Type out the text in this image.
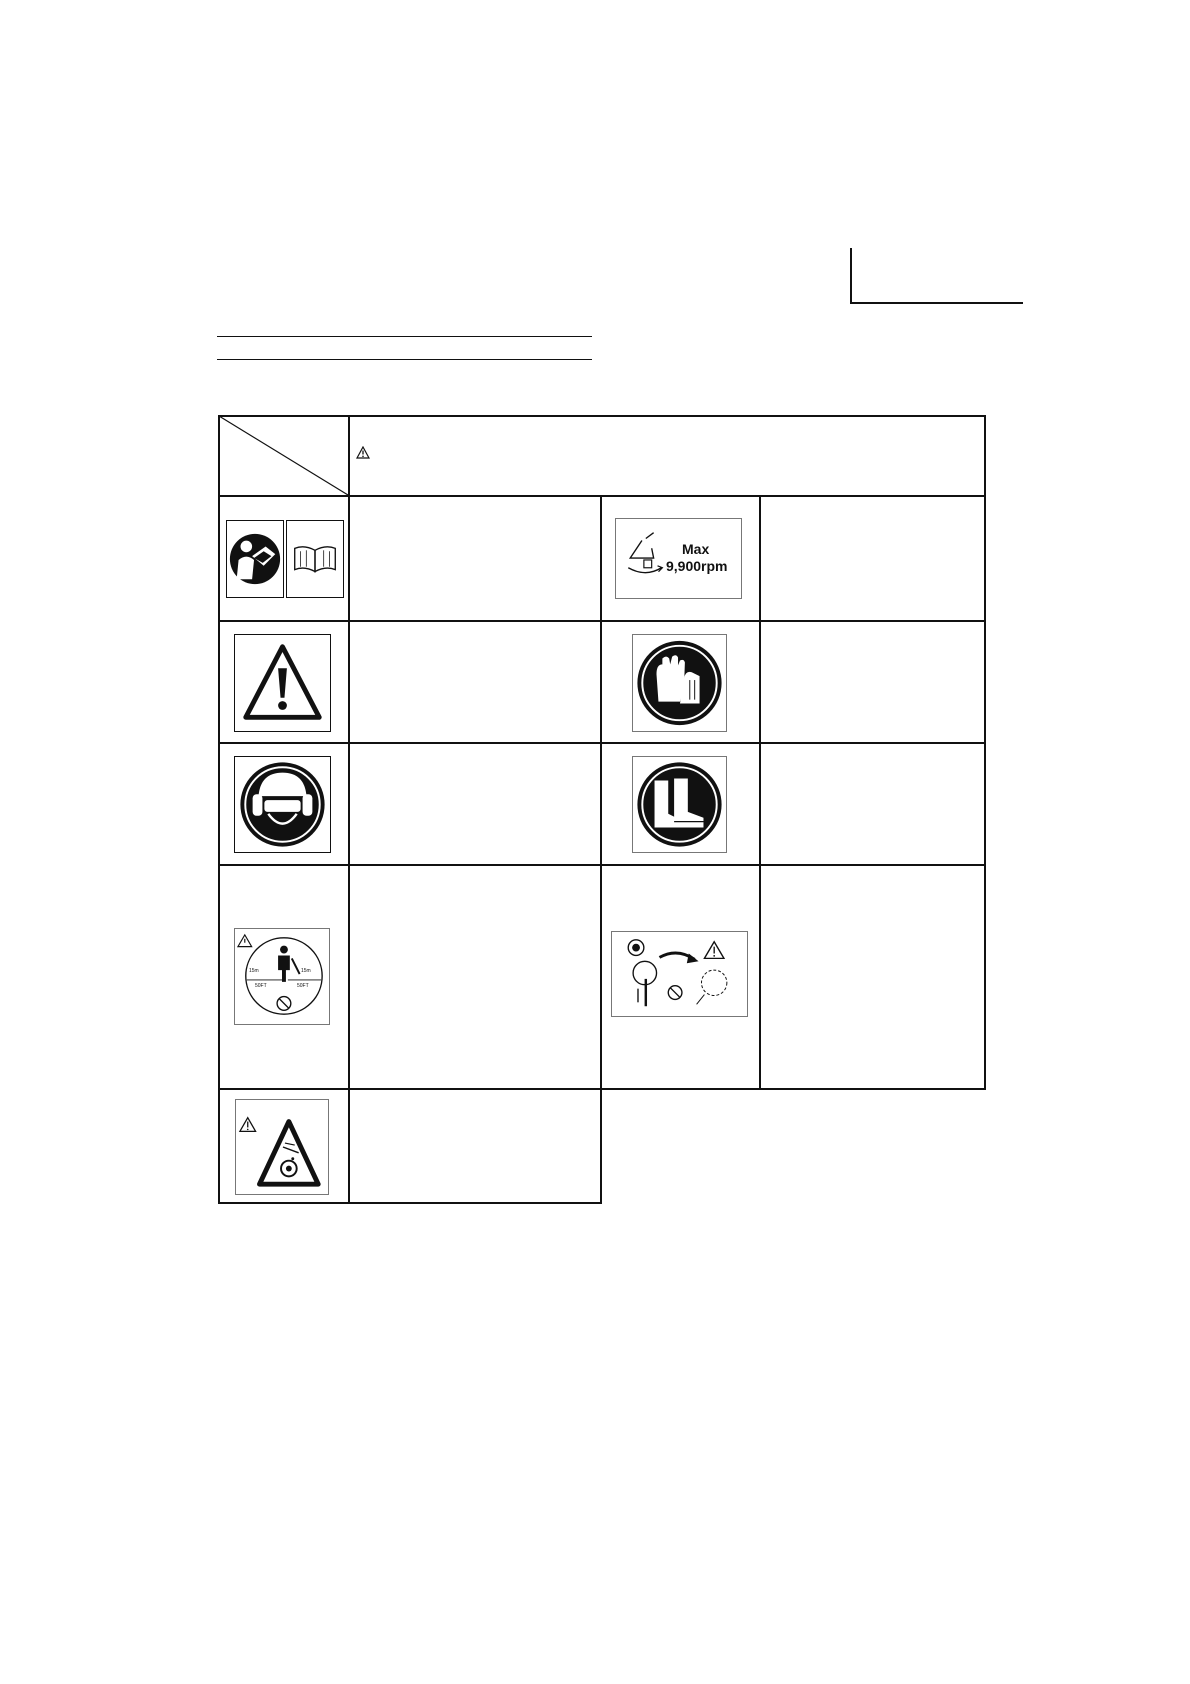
Max
9,900rpm
15m	15m
50FT	50FT
